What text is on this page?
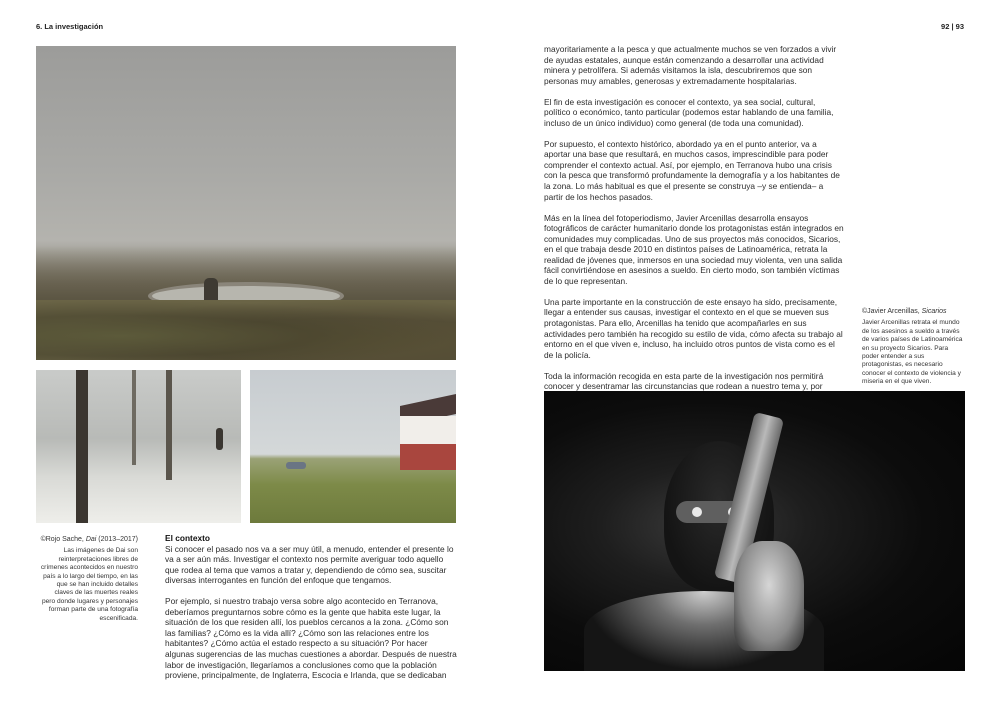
6. La investigación	92 | 93
©Rojo Sache, Dai (2013–2017)
Las imágenes de Dai son reinterpretaciones libres de crímenes acontecidos en nuestro país a lo largo del tiempo, en las que se han incluido detalles claves de las muertes reales pero donde lugares y personajes forman parte de una fotografía escenificada.
El contexto

Si conocer el pasado nos va a ser muy útil, a menudo, entender el presente lo va a ser aún más. Investigar el contexto nos permite averiguar todo aquello que rodea al tema que vamos a tratar y, dependiendo de cómo sea, suscitar diversas interrogantes en función del enfoque que tengamos.

Por ejemplo, si nuestro trabajo versa sobre algo acontecido en Terranova, deberíamos preguntarnos sobre cómo es la gente que habita este lugar, la situación de los que residen allí, los pueblos cercanos a la zona. ¿Cómo son las familias? ¿Cómo es la vida allí? ¿Cómo son las relaciones entre los habitantes? ¿Cómo actúa el estado respecto a su situación? Por hacer algunas sugerencias de las muchas cuestiones a abordar. Después de nuestra labor de investigación, llegaríamos a conclusiones como que la población proviene, principalmente, de Inglaterra, Escocia e Irlanda, que se dedicaban

mayoritariamente a la pesca y que actualmente muchos se ven forzados a vivir de ayudas estatales, aunque están comenzando a desarrollar una actividad minera y petrolífera. Si además visitamos la isla, descubriremos que son personas muy amables, generosas y extremadamente hospitalarias.

El fin de esta investigación es conocer el contexto, ya sea social, cultural, político o económico, tanto particular (podemos estar hablando de una familia, incluso de un único individuo) como general (de toda una comunidad).

Por supuesto, el contexto histórico, abordado ya en el punto anterior, va a aportar una base que resultará, en muchos casos, imprescindible para poder comprender el contexto actual. Así, por ejemplo, en Terranova hubo una crisis con la pesca que transformó profundamente la demografía y a los habitantes de la zona. Lo más habitual es que el presente se construya –y se entienda– a partir de los hechos pasados.

Más en la línea del fotoperiodismo, Javier Arcenillas desarrolla ensayos fotográficos de carácter humanitario donde los protagonistas están integrados en comunidades muy complicadas. Uno de sus proyectos más conocidos, Sicarios, en el que trabaja desde 2010 en distintos países de Latinoamérica, retrata la realidad de jóvenes que, inmersos en una sociedad muy violenta, ven una salida fácil convirtiéndose en asesinos a sueldo. En cierto modo, son también víctimas de lo que representan.

Una parte importante en la construcción de este ensayo ha sido, precisamente, llegar a entender sus causas, investigar el contexto en el que se mueven sus protagonistas. Para ello, Arcenillas ha tenido que acompañarles en sus actividades pero también ha recogido su estilo de vida, cómo afecta su trabajo al entorno en el que viven e, incluso, ha incluido otros puntos de vista como es el de la policía.

Toda la información recogida en esta parte de la investigación nos permitirá conocer y desentramar las circunstancias que rodean a nuestro tema y, por

©Javier Arcenillas, Sicarios
Javier Arcenillas retrata el mundo de los asesinos a sueldo a través de varios países de Latinoamérica en su proyecto Sicarios. Para poder entender a sus protagonistas, es necesario conocer el contexto de violencia y miseria en el que viven.
